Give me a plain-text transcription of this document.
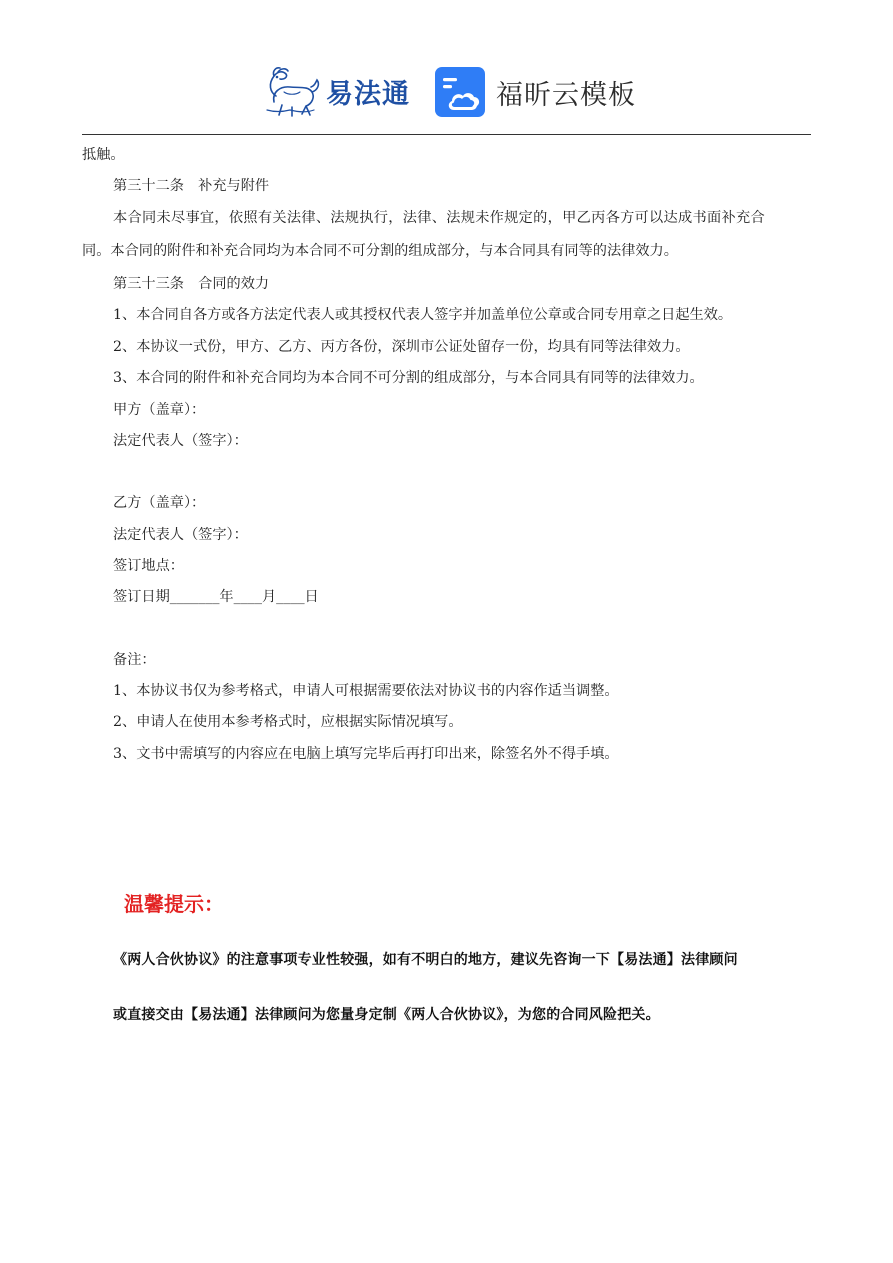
易法通	福昕云模板
抵触。
第三十二条　补充与附件
本合同未尽事宜，依照有关法律、法规执行，法律、法规未作规定的，甲乙丙各方可以达成书面补充合
同。本合同的附件和补充合同均为本合同不可分割的组成部分，与本合同具有同等的法律效力。
第三十三条　合同的效力
1、本合同自各方或各方法定代表人或其授权代表人签字并加盖单位公章或合同专用章之日起生效。
2、本协议一式份，甲方、乙方、丙方各份，深圳市公证处留存一份，均具有同等法律效力。
3、本合同的附件和补充合同均为本合同不可分割的组成部分，与本合同具有同等的法律效力。
甲方（盖章）：
法定代表人（签字）：
乙方（盖章）：
法定代表人（签字）：
签订地点：
签订日期_______年____月____日
备注：
1、本协议书仅为参考格式，申请人可根据需要依法对协议书的内容作适当调整。
2、申请人在使用本参考格式时，应根据实际情况填写。
3、文书中需填写的内容应在电脑上填写完毕后再打印出来，除签名外不得手填。
温馨提示：
《两人合伙协议》的注意事项专业性较强，如有不明白的地方，建议先咨询一下【易法通】法律顾问
或直接交由【易法通】法律顾问为您量身定制《两人合伙协议》，为您的合同风险把关。
